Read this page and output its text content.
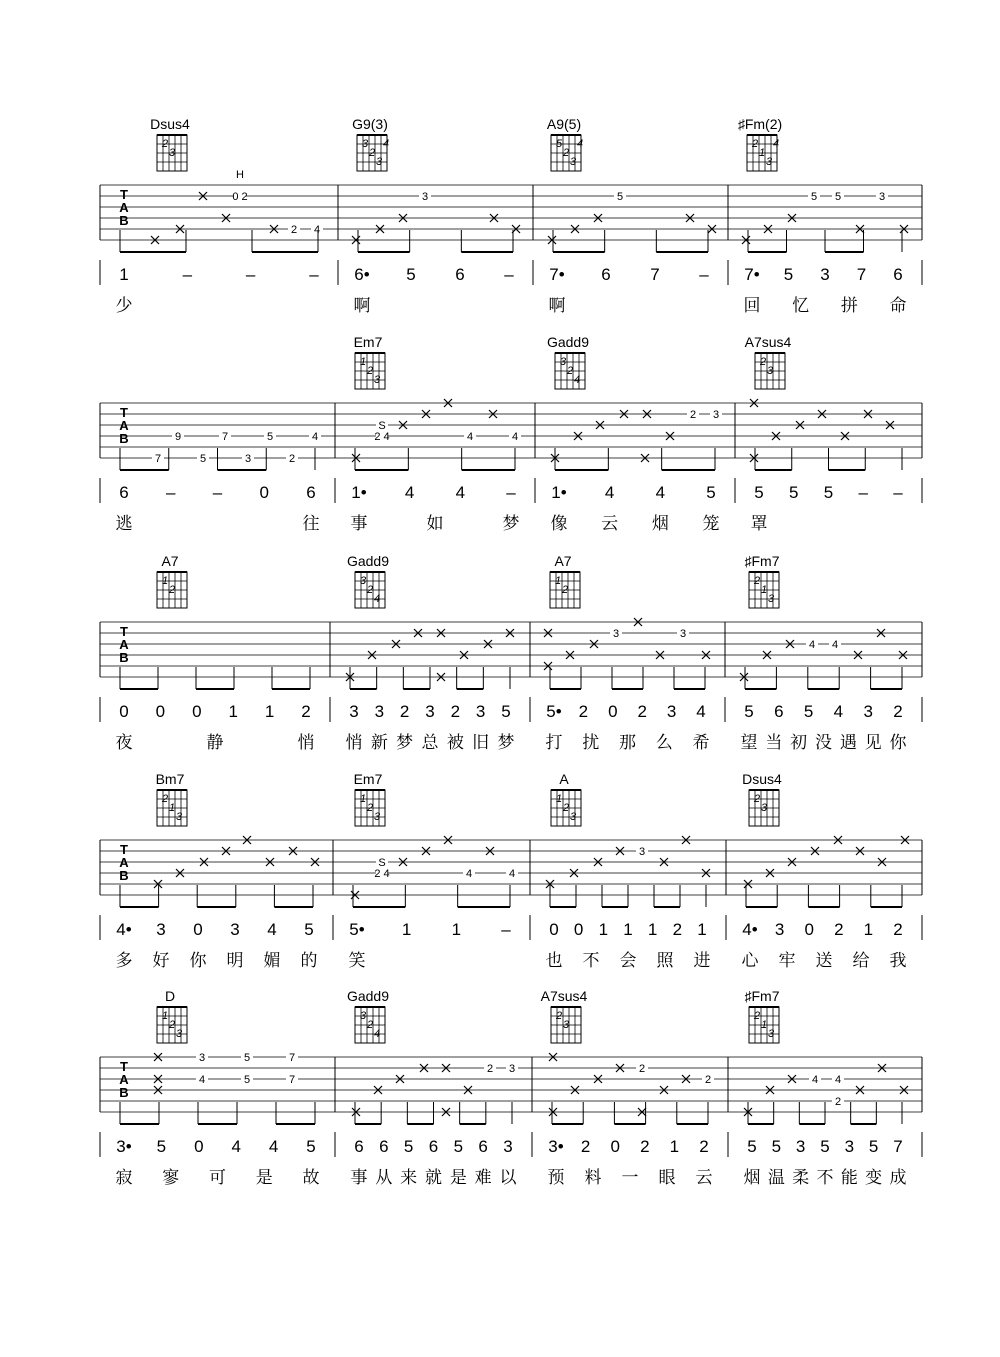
T
A
B
Dsus4
2
3
2 4
0 2
H
1	–	–	–
少
G9(3)
3
2
3
4
3
6• 5 6 –
啊
A9(5)
5
2
3
4
5
7• 6 7 –
啊
♯Fm(2)
2
1
3
4
5 5	3
7• 5 3 7 6
回 忆 拼 命
T
A
B	9	7	5	4
7	5	3	2
6 – – 0 6
逃	往
Em7
1
2
3
2 4
S
4	4
1• 4 4 –
事	如	梦
Gadd9
3
2
4
2 3
1• 4 4 5
像 云 烟 笼
A7sus4
2
3
5 5 5 – –
罩
T
A
B
A7
1
2
0 0 0 1 1 2
夜	静	悄
Gadd9
3
2
4
3 3 2 3 2 3 5
悄 新 梦 总 被 旧 梦
A7
1
2
3	3
5• 2 0 2 3 4
打 扰 那 么 希
♯Fm7
2
1
3
4 4
5 6 5 4 3 2
望 当 初 没 遇 见 你
T
A
B
Bm7
2
1
3
4• 3 0 3 4 5
多 好 你 明 媚 的
Em7
1
2
3
2 4
S
4	4
5• 1 1 –
笑
A
1
2
3
3
0 0 1 1 1 2 1
也 不 会 照 进
Dsus4
2
3
4• 3 0 2 1 2
心 牢 送 给 我
T
A
B
D
1
2
3
3
4
5
5
7
7
3• 5 0 4 4 5
寂 寥 可 是 故
Gadd9
3
2
4
2 3
6 6 5 6 5 6 3
事 从 来 就 是 难 以
A7sus4
2
3
2
2
3• 2 0 2 1 2
预 料 一 眼 云
♯Fm7
2
1
3
4 4
2
5 5 3 5 3 5 7
烟 温 柔 不 能 变 成
